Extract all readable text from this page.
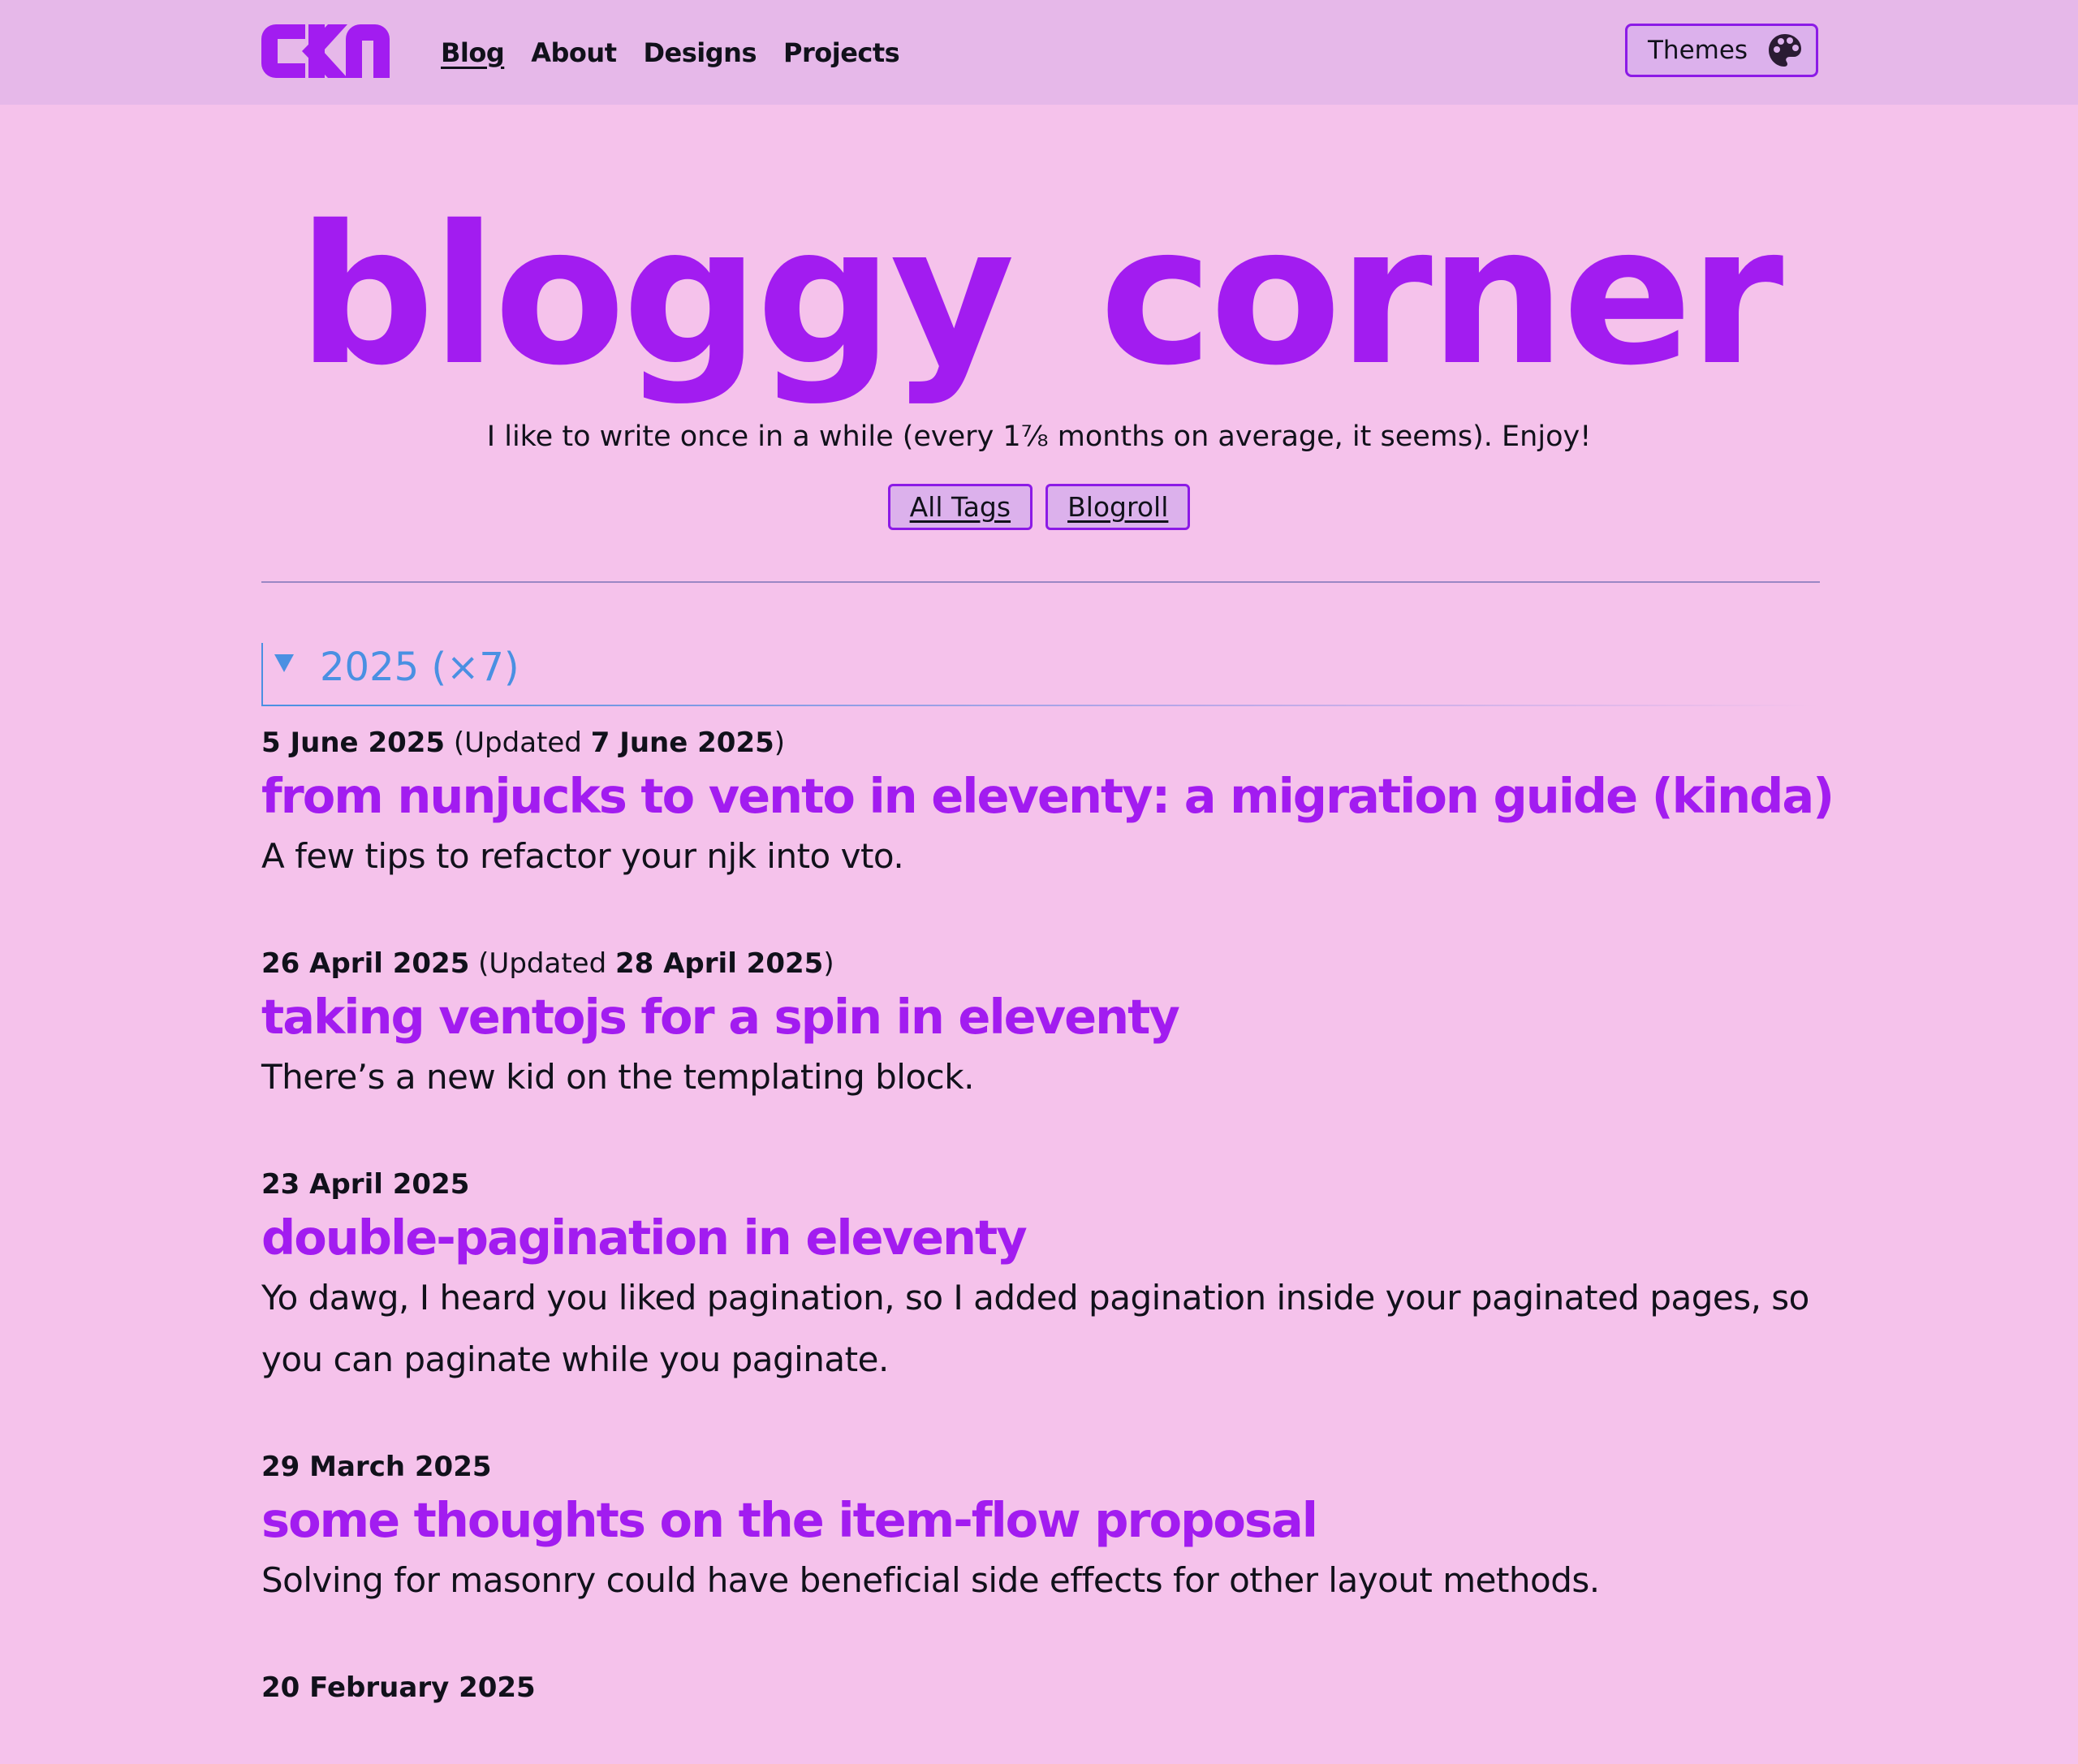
Blog About Designs Projects	Themes
bloggy corner

I like to write once in a while (every 1⅞ months on average, it seems). Enjoy!

All Tags	Blogroll
2025 (×7)
5 June 2025 (Updated 7 June 2025)
from nunjucks to vento in eleventy: a migration guide (kinda)
A few tips to refactor your njk into vto.
26 April 2025 (Updated 28 April 2025)
taking ventojs for a spin in eleventy
There’s a new kid on the templating block.
23 April 2025
double-pagination in eleventy
Yo dawg, I heard you liked pagination, so I added pagination inside your paginated pages, so you can paginate while you paginate.
29 March 2025
some thoughts on the item-flow proposal
Solving for masonry could have beneficial side effects for other layout methods.
20 February 2025
